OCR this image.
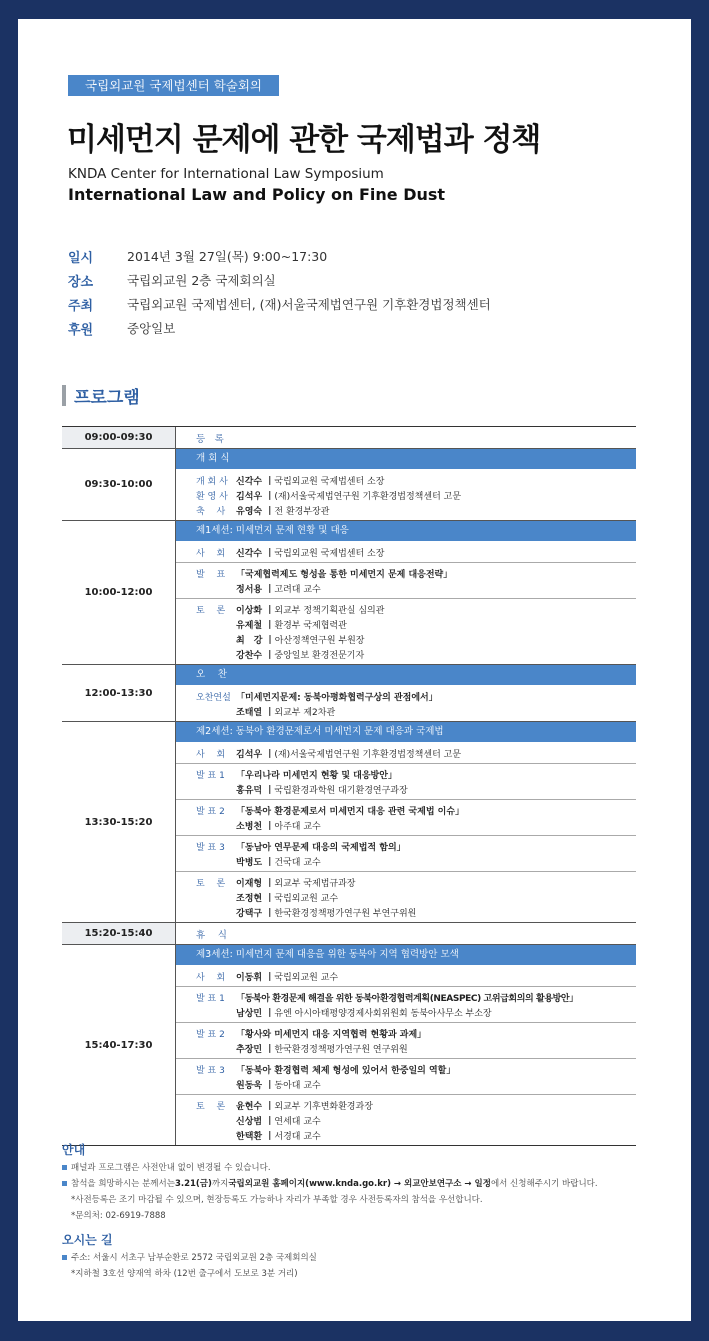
국립외교원 국제법센터 학술회의
미세먼지 문제에 관한 국제법과 정책
KNDA Center for International Law Symposium
International Law and Policy on Fine Dust
일시	2014년 3월 27일(목) 9:00~17:30
장소	국립외교원 2층 국제회의실
주최	국립외교원 국제법센터, (재)서울국제법연구원 기후환경법정책센터
후원	중앙일보
프로그램
09:00-09:30	등　록
09:30-10:00
개 회 식
개 회 사 신각수 | 국립외교원 국제법센터 소장
환 영 사 김석우 | (재)서울국제법연구원 기후환경법정책센터 고문
축　 사	유영숙 | 전 환경부장관
10:00-12:00
제1세션: 미세먼지 문제 현황 및 대응
사　 회	신각수 | 국립외교원 국제법센터 소장
발　 표	「국제협력제도 형성을 통한 미세먼지 문제 대응전략」
정서용 | 고려대 교수
토　 론	이상화 | 외교부 정책기획관실 심의관
유제철 | 환경부 국제협력관
최　강 | 아산정책연구원 부원장
강찬수 | 중앙일보 환경전문기자
12:00-13:30
오　 찬
오찬연설 「미세먼지문제: 동북아평화협력구상의 관점에서」
조태열 | 외교부 제2차관
13:30-15:20
제2세션: 동북아 환경문제로서 미세먼지 문제 대응과 국제법
사　 회	김석우 | (재)서울국제법연구원 기후환경법정책센터 고문
발 표 1	「우리나라 미세먼지 현황 및 대응방안」
홍유덕 | 국립환경과학원 대기환경연구과장
발 표 2	「동북아 환경문제로서 미세먼지 대응 관련 국제법 이슈」
소병천 | 아주대 교수
발 표 3	「동남아 연무문제 대응의 국제법적 함의」
박병도 | 건국대 교수
토　 론	이재형 | 외교부 국제법규과장
조정현 | 국립외교원 교수
강택구 | 한국환경정책평가연구원 부연구위원
15:20-15:40	휴　 식
15:40-17:30
제3세션: 미세먼지 문제 대응을 위한 동북아 지역 협력방안 모색
사　 회	이동휘 | 국립외교원 교수
발 표 1	「동북아 환경문제 해결을 위한 동북아환경협력계획(NEASPEC) 고위급회의의 활용방안」
남상민 | 유엔 아시아태평양경제사회위원회 동북아사무소 부소장
발 표 2	「황사와 미세먼지 대응 지역협력 현황과 과제」
추장민 | 한국환경정책평가연구원 연구위원
발 표 3	「동북아 환경협력 체제 형성에 있어서 한중일의 역할」
원동욱 | 동아대 교수
토　 론	윤현수 | 외교부 기후변화환경과장
신상범 | 연세대 교수
한택환 | 서경대 교수
안내
패널과 프로그램은 사전안내 없이 변경될 수 있습니다.
참석을 희망하시는 분께서는 3.21(금) 까지 국립외교원 홈페이지(www.knda.go.kr) → 외교안보연구소 → 일정 에서 신청해주시기 바랍니다.
*사전등록은 조기 마감될 수 있으며, 현장등록도 가능하나 자리가 부족할 경우 사전등록자의 참석을 우선합니다.
*문의처: 02-6919-7888
오시는 길
주소: 서울시 서초구 남부순환로 2572 국립외교원 2층 국제회의실
*지하철 3호선 양재역 하차 (12번 출구에서 도보로 3분 거리)
